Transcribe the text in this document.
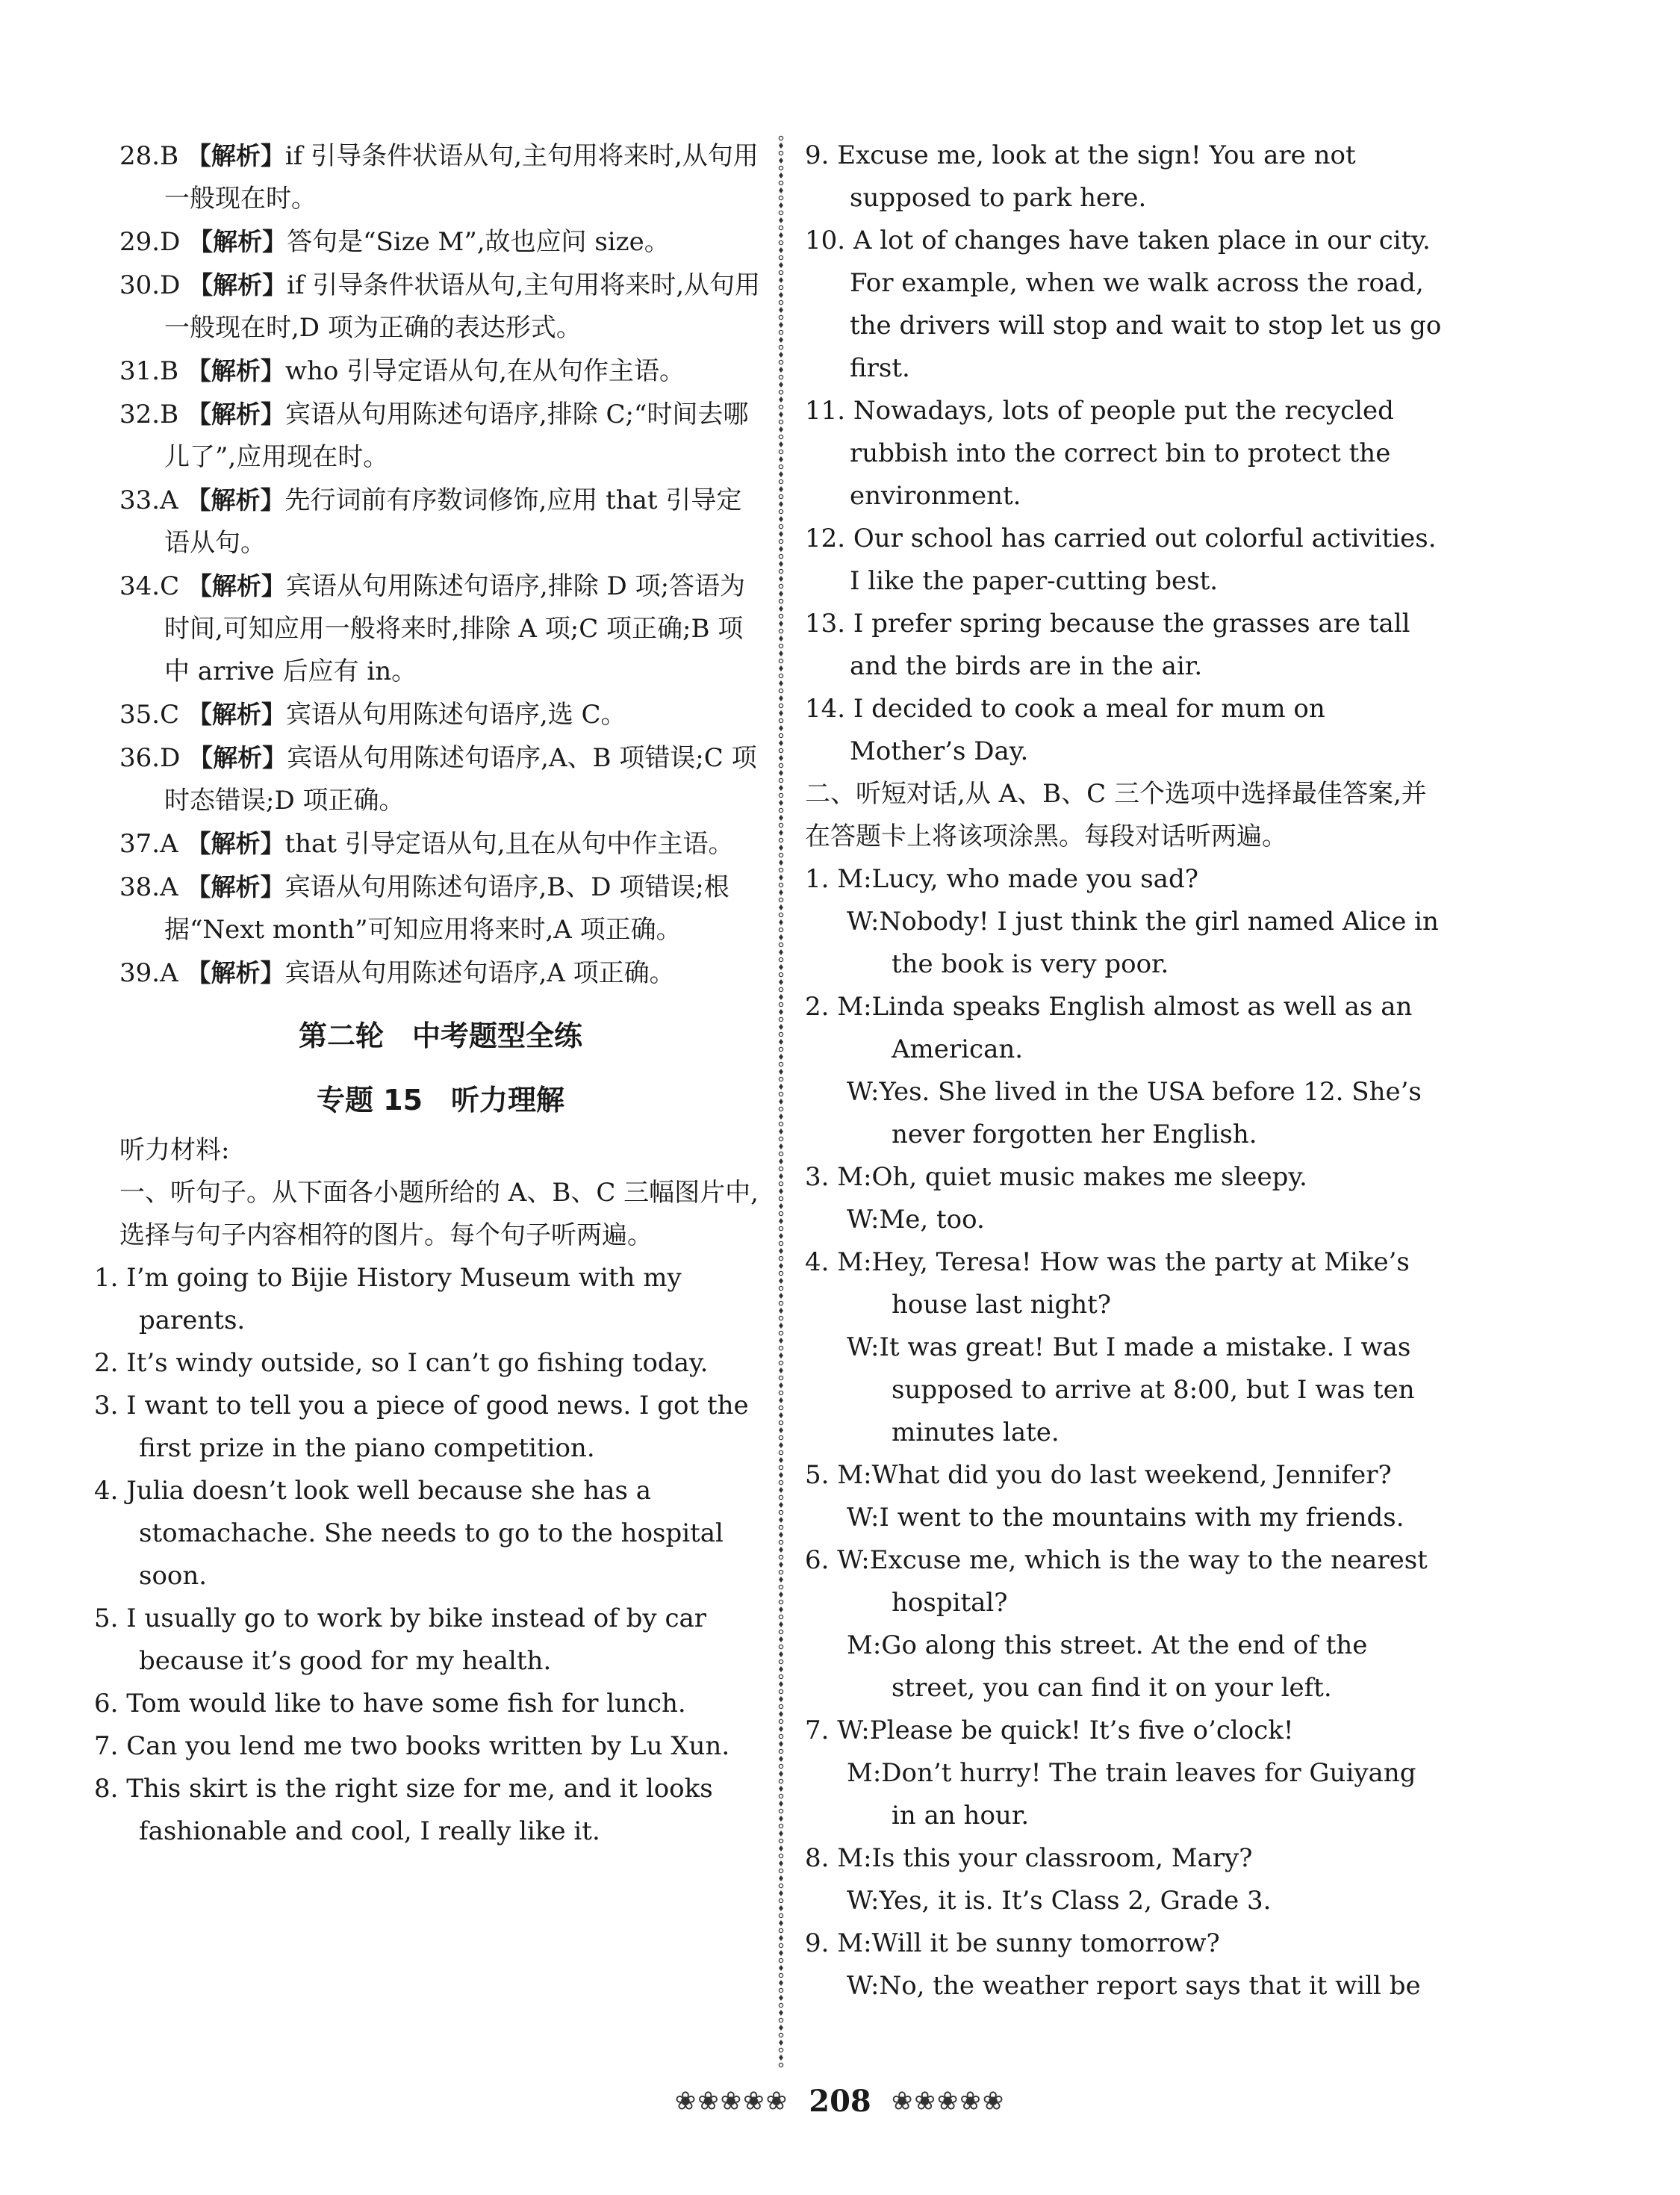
28.B 【解析】if 引导条件状语从句,主句用将来时,从句用一般现在时。

29.D 【解析】答句是“Size M”,故也应问 size。

30.D 【解析】if 引导条件状语从句,主句用将来时,从句用一般现在时,D 项为正确的表达形式。

31.B 【解析】who 引导定语从句,在从句作主语。

32.B 【解析】宾语从句用陈述句语序,排除 C;“时间去哪儿了”,应用现在时。

33.A 【解析】先行词前有序数词修饰,应用 that 引导定语从句。

34.C 【解析】宾语从句用陈述句语序,排除 D 项;答语为时间,可知应用一般将来时,排除 A 项;C 项正确;B 项中 arrive 后应有 in。

35.C 【解析】宾语从句用陈述句语序,选 C。

36.D 【解析】宾语从句用陈述句语序,A、B 项错误;C 项时态错误;D 项正确。

37.A 【解析】that 引导定语从句,且在从句中作主语。

38.A 【解析】宾语从句用陈述句语序,B、D 项错误;根据“Next month”可知应用将来时,A 项正确。

39.A 【解析】宾语从句用陈述句语序,A 项正确。

第二轮　中考题型全练

专题 15　听力理解

听力材料:

一、听句子。从下面各小题所给的 A、B、C 三幅图片中,选择与句子内容相符的图片。每个句子听两遍。

1. I’m going to Bijie History Museum with my parents.

2. It’s windy outside, so I can’t go fishing today.

3. I want to tell you a piece of good news. I got the first prize in the piano competition.

4. Julia doesn’t look well because she has a stomachache. She needs to go to the hospital soon.

5. I usually go to work by bike instead of by car because it’s good for my health.

6. Tom would like to have some fish for lunch.

7. Can you lend me two books written by Lu Xun.

8. This skirt is the right size for me, and it looks fashionable and cool, I really like it.

9. Excuse me, look at the sign! You are not supposed to park here.

10. A lot of changes have taken place in our city. For example, when we walk across the road, the drivers will stop and wait to stop let us go first.

11. Nowadays, lots of people put the recycled rubbish into the correct bin to protect the environment.

12. Our school has carried out colorful activities. I like the paper-cutting best.

13. I prefer spring because the grasses are tall and the birds are in the air.

14. I decided to cook a meal for mum on Mother’s Day.

二、听短对话,从 A、B、C 三个选项中选择最佳答案,并在答题卡上将该项涂黑。每段对话听两遍。

1. M:Lucy, who made you sad?

W:Nobody! I just think the girl named Alice in the book is very poor.

2. M:Linda speaks English almost as well as an American.

W:Yes. She lived in the USA before 12. She’s never forgotten her English.

3. M:Oh, quiet music makes me sleepy.

W:Me, too.

4. M:Hey, Teresa! How was the party at Mike’s house last night?

W:It was great! But I made a mistake. I was supposed to arrive at 8:00, but I was ten minutes late.

5. M:What did you do last weekend, Jennifer?

W:I went to the mountains with my friends.

6. W:Excuse me, which is the way to the nearest hospital?

M:Go along this street. At the end of the street, you can find it on your left.

7. W:Please be quick! It’s five o’clock!

M:Don’t hurry! The train leaves for Guiyang in an hour.

8. M:Is this your classroom, Mary?

W:Yes, it is. It’s Class 2, Grade 3.

9. M:Will it be sunny tomorrow?

W:No, the weather report says that it will be

❀❀❀❀❀ 208 ❀❀❀❀❀
